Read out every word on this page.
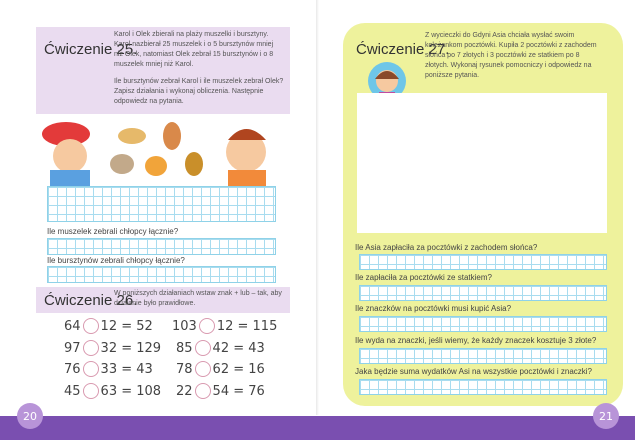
Ćwiczenie 25.
Karol i Olek zbierali na plaży muszelki i bursztyny. Karol nazbierał 25 muszelek i o 5 bursztynów mniej niż Olek, natomiast Olek zebrał 15 bursztynów i o 8 muszelek mniej niż Karol.
Ile bursztynów zebrał Karol i ile muszelek zebrał Olek? Zapisz działania i wykonaj obliczenia. Następnie odpowiedz na pytania.
Ile muszelek zebrali chłopcy łącznie?
Ile bursztynów zebrali chłopcy łącznie?
Ćwiczenie 26.
W poniższych działaniach wstaw znak + lub – tak, aby działanie było prawidłowe.
64 12 = 52 103 12 = 115
97 32 = 129 85 42 = 43
76 33 = 43 78 62 = 16
45 63 = 108 22 54 = 76
Ćwiczenie 27.
Z wycieczki do Gdyni Asia chciała wysłać swoim koleżankom pocztówki. Kupiła 2 pocztówki z zachodem słońca po 7 złotych i 3 pocztówki ze statkiem po 8 złotych. Wykonaj rysunek pomocniczy i odpowiedz na poniższe pytania.
Ile Asia zapłaciła za pocztówki z zachodem słońca?
Ile zapłaciła za pocztówki ze statkiem?
Ile znaczków na pocztówki musi kupić Asia?
Ile wyda na znaczki, jeśli wiemy, że każdy znaczek kosztuje 3 złote?
Jaka będzie suma wydatków Asi na wszystkie pocztówki i znaczki?
20	21
